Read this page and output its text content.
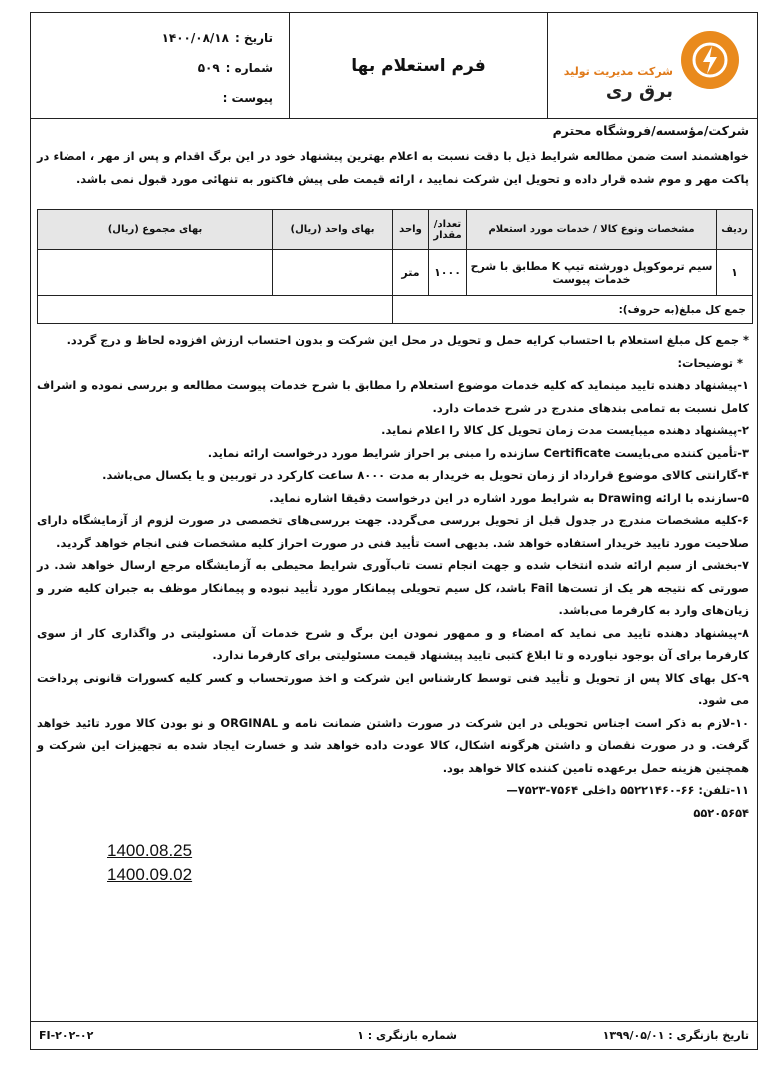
شرکت مدیریت تولید
برق ری
فرم استعلام بها
تاریخ :
۱۴۰۰/۰۸/۱۸
شماره :
۵۰۹
پیوست :
شرکت/مؤسسه/فروشگاه محترم
خواهشمند است ضمن مطالعه شرایط ذیل با دقت نسبت به اعلام بهترین پیشنهاد خود در این برگ اقدام و پس از مهر ، امضاء در پاکت مهر و موم شده قرار داده و تحویل این شرکت نمایید ، ارائه قیمت طی پیش فاکتور به تنهائی مورد قبول نمی باشد.
ردیف	مشخصات ونوع کالا / خدمات مورد استعلام	تعداد/ مقدار	واحد	بهای واحد (ریال)	بهای مجموع (ریال)
۱	سیم ترموکوپل دورشته تیپ K مطابق با شرح خدمات پیوست	۱۰۰۰	متر		
جمع کل مبلغ(به حروف):					

* جمع کل مبلغ استعلام با احتساب کرایه حمل و تحویل در محل این شرکت و بدون احتساب ارزش افزوده لحاظ و درج گردد.

* توضیحات:

۱-پیشنهاد دهنده تایید مینماید که کلیه خدمات موضوع استعلام را مطابق با شرح خدمات پیوست مطالعه و بررسی نموده و اشراف کامل نسبت به تمامی بندهای مندرج در شرح خدمات دارد.

۲-پیشنهاد دهنده میبایست مدت زمان تحویل کل کالا را اعلام نماید.

۳-تأمین کننده می‌بایست Certificate سازنده را مبنی بر احراز شرایط مورد درخواست ارائه نماید.

۴-گارانتی کالای موضوع قرارداد از زمان تحویل به خریدار به مدت ۸۰۰۰ ساعت کارکرد در توربین و یا یکسال می‌باشد.

۵-سازنده با ارائه Drawing به شرایط مورد اشاره در این درخواست دقیقا اشاره نماید.

۶-کلیه مشخصات مندرج در جدول قبل از تحویل بررسی می‌گردد. جهت بررسی‌های تخصصی در صورت لزوم از آزمایشگاه دارای صلاحیت مورد تایید خریدار استفاده خواهد شد. بدیهی است تأیید فنی در صورت احراز کلیه مشخصات فنی انجام خواهد گردید.

۷-بخشی از سیم ارائه شده انتخاب شده و جهت انجام تست تاب‌آوری شرایط محیطی به آزمایشگاه مرجع ارسال خواهد شد. در صورتی که نتیجه هر یک از تست‌ها Fail باشد، کل سیم تحویلی پیمانکار مورد تأیید نبوده و پیمانکار موظف به جبران کلیه ضرر و زیان‌های وارد به کارفرما می‌باشد.

۸-پیشنهاد دهنده تایید می نماید که امضاء و و ممهور نمودن این برگ و شرح خدمات آن مسئولیتی در واگذاری کار از سوی کارفرما برای آن بوجود نیاورده و تا ابلاغ کتبی تایید پیشنهاد قیمت مسئولیتی برای کارفرما ندارد.

۹-کل بهای کالا پس از تحویل و تأیید فنی توسط کارشناس این شرکت و اخذ صورتحساب و کسر کلیه کسورات قانونی پرداخت می شود.

۱۰-لازم به ذکر است اجناس تحویلی در این شرکت در صورت داشتن ضمانت نامه و ORGINAL و نو بودن کالا مورد تائید خواهد گرفت. و در صورت نقصان و داشتن هرگونه اشکال، کالا عودت داده خواهد شد و خسارت ایجاد شده به تجهیزات این شرکت و همچنین هزینه حمل برعهده تامین کننده کالا خواهد بود.

۱۱-تلفن: ۶۶-۵۵۲۲۱۴۶۰ داخلی ۷۵۶۴-۷۵۲۳—

۵۵۲۰۵۶۵۴

1400.08.25
1400.09.02
تاریخ بازنگری : ۱۳۹۹/۰۵/۰۱
شماره بازنگری : ۱
FI-۲۰۲-۰۲
